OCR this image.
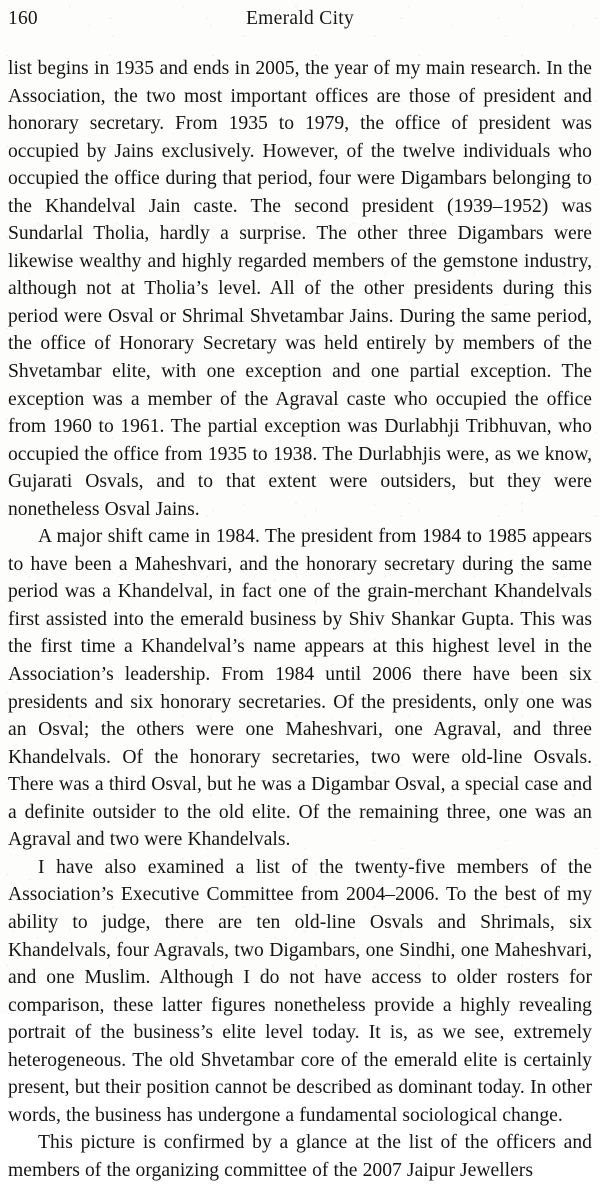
160	Emerald City

list begins in 1935 and ends in 2005, the year of my main research. In the Association, the two most important offices are those of president and honorary secretary. From 1935 to 1979, the office of president was occupied by Jains exclusively. However, of the twelve individuals who occupied the office during that period, four were Digambars belonging to the Khandelval Jain caste. The second president (1939–1952) was Sundarlal Tholia, hardly a surprise. The other three Digambars were likewise wealthy and highly regarded members of the gemstone industry, although not at Tholia’s level. All of the other presidents during this period were Osval or Shrimal Shvetambar Jains. During the same period, the office of Honorary Secretary was held entirely by members of the Shvetambar elite, with one exception and one partial exception. The exception was a member of the Agraval caste who occupied the office from 1960 to 1961. The partial exception was Durlabhji Tribhuvan, who occupied the office from 1935 to 1938. The Durlabhjis were, as we know, Gujarati Osvals, and to that extent were outsiders, but they were nonetheless Osval Jains.

A major shift came in 1984. The president from 1984 to 1985 appears to have been a Maheshvari, and the honorary secretary during the same period was a Khandelval, in fact one of the grain-merchant Khandelvals first assisted into the emerald business by Shiv Shankar Gupta. This was the first time a Khandelval’s name appears at this highest level in the Association’s leadership. From 1984 until 2006 there have been six presidents and six honorary secretaries. Of the presidents, only one was an Osval; the others were one Maheshvari, one Agraval, and three Khandelvals. Of the honorary secretaries, two were old-line Osvals. There was a third Osval, but he was a Digambar Osval, a special case and a definite outsider to the old elite. Of the remaining three, one was an Agraval and two were Khandelvals.

I have also examined a list of the twenty-five members of the Association’s Executive Committee from 2004–2006. To the best of my ability to judge, there are ten old-line Osvals and Shrimals, six Khandelvals, four Agravals, two Digambars, one Sindhi, one Maheshvari, and one Muslim. Although I do not have access to older rosters for comparison, these latter figures nonetheless provide a highly revealing portrait of the business’s elite level today. It is, as we see, extremely heterogeneous. The old Shvetambar core of the emerald elite is certainly present, but their position cannot be described as dominant today. In other words, the business has undergone a fundamental sociological change.

This picture is confirmed by a glance at the list of the officers and members of the organizing committee of the 2007 Jaipur Jewellers
